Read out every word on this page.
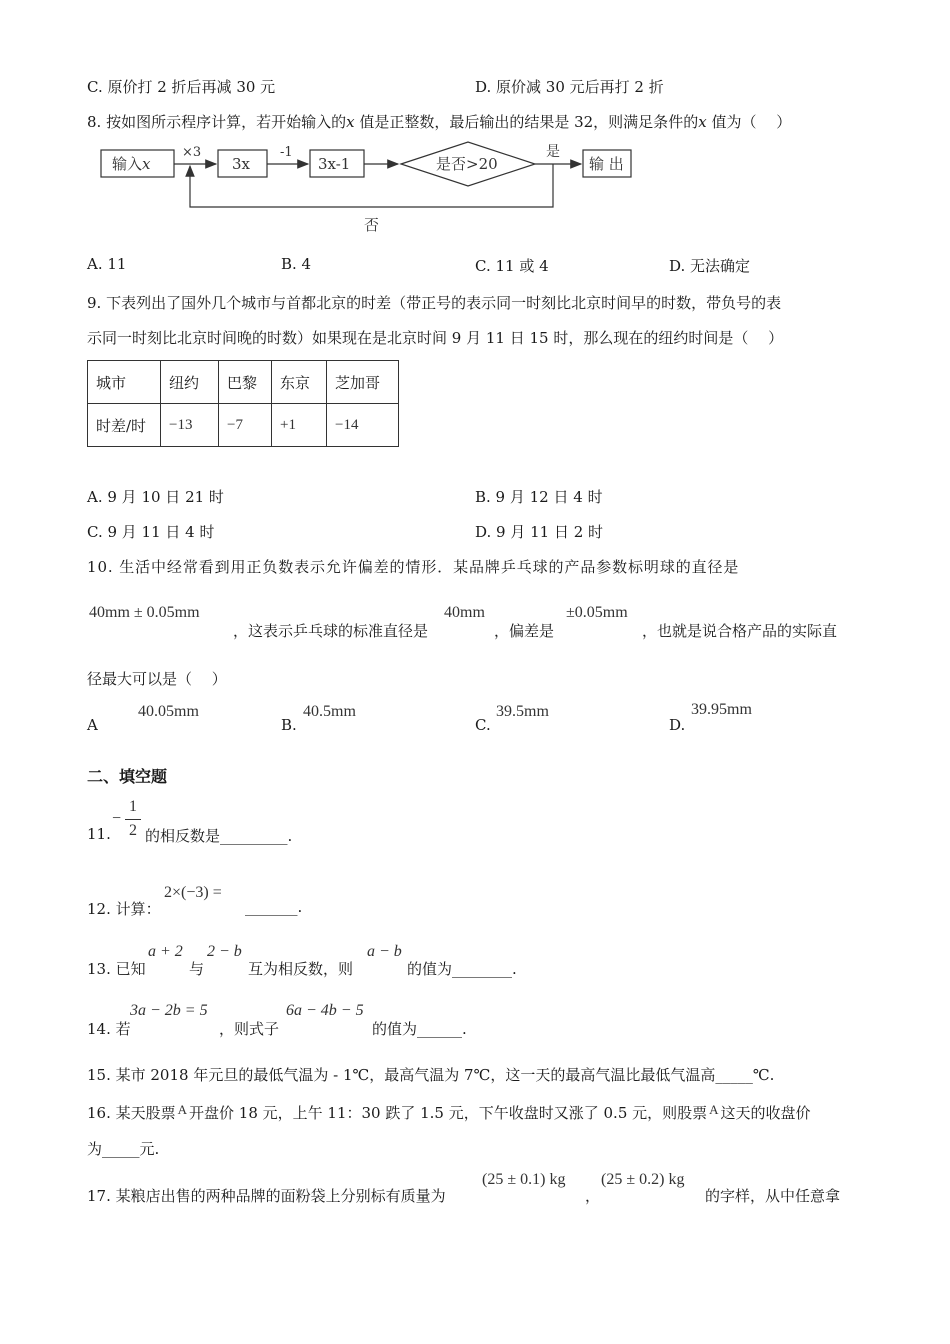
C. 原价打 2 折后再减 30 元	D. 原价减 30 元后再打 2 折
8. 按如图所示程序计算，若开始输入的x 值是正整数，最后输出的结果是 32，则满足条件的x 值为（　 ）
输入x
×3
3x
-1
3x-1	是否>20
是
输 出
否
A. 11	B. 4	C. 11 或 4	D. 无法确定
9. 下表列出了国外几个城市与首都北京的时差（带正号的表示同一时刻比北京时间早的时数，带负号的表
示同一时刻比北京时间晚的时数）如果现在是北京时间 9 月 11 日 15 时，那么现在的纽约时间是（　 ）
城市	纽约	巴黎	东京	芝加哥
时差/时	−13	−7	+1	−14
A. 9 月 10 日 21 时	B. 9 月 12 日 4 时
C. 9 月 11 日 4 时	D. 9 月 11 日 2 时
10. 生活中经常看到用正负数表示允许偏差的情形．某品牌乒乓球的产品参数标明球的直径是
40mm ± 0.05mm
，这表示乒乓球的标准直径是
40mm
，偏差是
±0.05mm
，也就是说合格产品的实际直
径最大可以是（　 ）
A
40.05mm
B.
40.5mm
C.
39.5mm
D.
39.95mm
二、填空题
11.
−
1
2 的相反数是_________.
12. 计算：
2×(−3) =
_______.
13. 已知
a + 2
与
2 − b
互为相反数，则
a − b
的值为________.
14. 若
3a − 2b = 5
，则式子
6a − 4b − 5
的值为______.
15. 某市 2018 年元旦的最低气温为 - 1℃，最高气温为 7℃，这一天的最高气温比最低气温高_____℃.
16. 某天股票 A 开盘价 18 元，上午 11：30 跌了 1.5 元，下午收盘时又涨了 0.5 元，则股票 A 这天的收盘价
为_____元.
17. 某粮店出售的两种品牌的面粉袋上分别标有质量为
(25 ± 0.1) kg
，
(25 ± 0.2) kg
的字样，从中任意拿
